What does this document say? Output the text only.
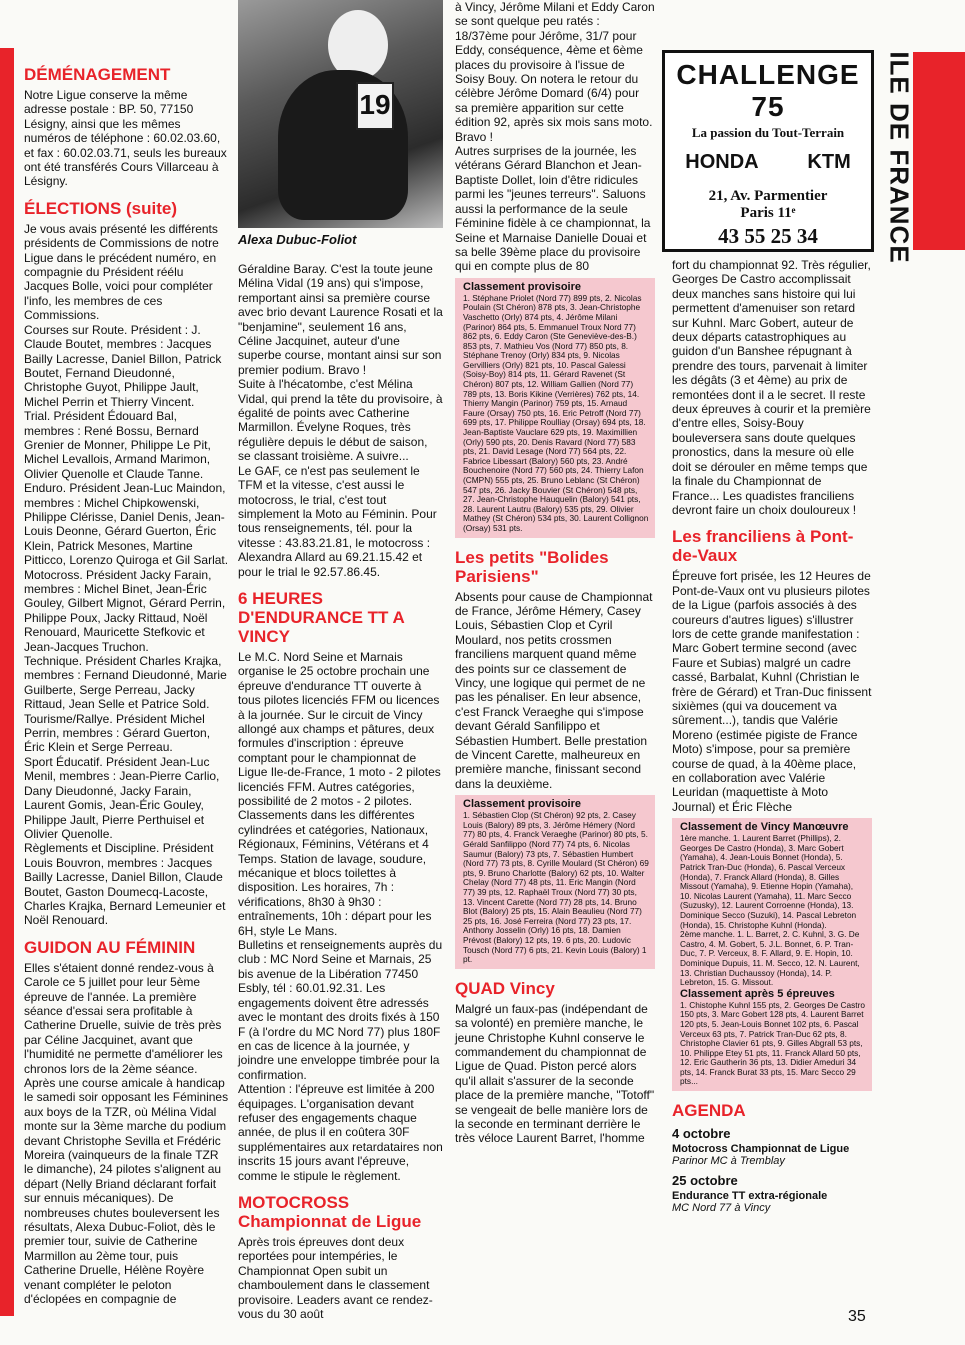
ILE DE FRANCE
19
Alexa Dubuc-Foliot
CHALLENGE 75
La passion du Tout-Terrain
HONDA KTM
21, Av. Parmentier
Paris 11ᵉ
43 55 25 34
DÉMÉNAGEMENT

Notre Ligue conserve la même adresse postale : BP. 50, 77150 Lésigny, ainsi que les mêmes numéros de téléphone : 60.02.03.60, et fax : 60.02.03.71, seuls les bureaux ont été transférés Cours Villarceau à Lésigny.

ÉLECTIONS (suite)

Je vous avais présenté les différents présidents de Commissions de notre Ligue dans le précédent numéro, en compagnie du Président réélu Jacques Bolle, voici pour compléter l'info, les membres de ces Commissions.

Courses sur Route. Président : J. Claude Boutet, membres : Jacques Bailly Lacresse, Daniel Billon, Patrick Boutet, Fernand Dieudonné, Christophe Guyot, Philippe Jault, Michel Perrin et Thierry Vincent.

Trial. Président Édouard Bal, membres : René Bossu, Bernard Grenier de Monner, Philippe Le Pit, Michel Levallois, Armand Marimon, Olivier Quenolle et Claude Tanne.

Enduro. Président Jean-Luc Maindon, membres : Michel Chipkowenski, Philippe Clérisse, Daniel Denis, Jean-Louis Deonne, Gérard Guerton, Éric Klein, Patrick Mesones, Martine Pitticco, Lorenzo Quiroga et Gil Sarlat.

Motocross. Président Jacky Farain, membres : Michel Binet, Jean-Éric Gouley, Gilbert Mignot, Gérard Perrin, Philippe Poux, Jacky Rittaud, Noël Renouard, Mauricette Stefkovic et Jean-Jacques Truchon.

Technique. Président Charles Krajka, membres : Fernand Dieudonné, Marie Guilberte, Serge Perreau, Jacky Rittaud, Jean Selle et Patrice Sold.

Tourisme/Rallye. Président Michel Perrin, membres : Gérard Guerton, Éric Klein et Serge Perreau.

Sport Éducatif. Président Jean-Luc Menil, membres : Jean-Pierre Carlio, Dany Dieudonné, Jacky Farain, Laurent Gomis, Jean-Éric Gouley, Philippe Jault, Pierre Perthuisel et Olivier Quenolle.

Règlements et Discipline. Président Louis Bouvron, membres : Jacques Bailly Lacresse, Daniel Billon, Claude Boutet, Gaston Doumecq-Lacoste, Charles Krajka, Bernard Lemeunier et Noël Renouard.

GUIDON AU FÉMININ

Elles s'étaient donné rendez-vous à Carole ce 5 juillet pour leur 5ème épreuve de l'année. La première séance d'essai sera profitable à Catherine Druelle, suivie de très près par Céline Jacquinet, avant que l'humidité ne permette d'améliorer les chronos lors de la 2ème séance. Après une course amicale à handicap le samedi soir opposant les Féminines aux boys de la TZR, où Mélina Vidal monte sur la 3ème marche du podium devant Christophe Sevilla et Frédéric Moreira (vainqueurs de la finale TZR le dimanche), 24 pilotes s'alignent au départ (Nelly Briand déclarant forfait sur ennuis mécaniques). De nombreuses chutes bouleversent les résultats, Alexa Dubuc-Foliot, dès le premier tour, suivie de Catherine Marmillon au 2ème tour, puis Catherine Druelle, Hélène Royère venant compléter le peloton d'éclopées en compagnie de

Géraldine Baray. C'est la toute jeune Mélina Vidal (19 ans) qui s'impose, remportant ainsi sa première course avec brio devant Laurence Rosati et la "benjamine", seulement 16 ans, Céline Jacquinet, auteur d'une superbe course, montant ainsi sur son premier podium. Bravo !

Suite à l'hécatombe, c'est Mélina Vidal, qui prend la tête du provisoire, à égalité de points avec Catherine Marmillon. Évelyne Roques, très régulière depuis le début de saison, se classant troisième. A suivre...

Le GAF, ce n'est pas seulement le TFM et la vitesse, c'est aussi le motocross, le trial, c'est tout simplement la Moto au Féminin. Pour tous renseignements, tél. pour la vitesse : 43.83.21.81, le motocross : Alexandra Allard au 69.21.15.42 et pour le trial le 92.57.86.45.

6 HEURES D'ENDURANCE TT A VINCY

Le M.C. Nord Seine et Marnais organise le 25 octobre prochain une épreuve d'endurance TT ouverte à tous pilotes licenciés FFM ou licences à la journée. Sur le circuit de Vincy allongé aux champs et pâtures, deux formules d'inscription : épreuve comptant pour le championnat de Ligue Ile-de-France, 1 moto - 2 pilotes licenciés FFM. Autres catégories, possibilité de 2 motos - 2 pilotes. Classements dans les différentes cylindrées et catégories, Nationaux, Régionaux, Féminins, Vétérans et 4 Temps. Station de lavage, soudure, mécanique et blocs toilettes à disposition. Les horaires, 7h : vérifications, 8h30 à 9h30 : entraînements, 10h : départ pour les 6H, style Le Mans.

Bulletins et renseignements auprès du club : MC Nord Seine et Marnais, 25 bis avenue de la Libération 77450 Esbly, tél : 60.01.92.31. Les engagements doivent être adressés avec le montant des droits fixés à 150 F (à l'ordre du MC Nord 77) plus 180F en cas de licence à la journée, y joindre une enveloppe timbrée pour la confirmation.

Attention : l'épreuve est limitée à 200 équipages. L'organisation devant refuser des engagements chaque année, de plus il en coûtera 30F supplémentaires aux retardataires non inscrits 15 jours avant l'épreuve, comme le stipule le règlement.

MOTOCROSS Championnat de Ligue

Après trois épreuves dont deux reportées pour intempéries, le Championnat Open subit un chamboulement dans le classement provisoire. Leaders avant ce rendez-vous du 30 août

à Vincy, Jérôme Milani et Eddy Caron se sont quelque peu ratés : 18/37ème pour Jérôme, 31/7 pour Eddy, conséquence, 4ème et 6ème places du provisoire à l'issue de Soisy Bouy. On notera le retour du célèbre Jérôme Domard (6/4) pour sa première apparition sur cette édition 92, après six mois sans moto. Bravo !

Autres surprises de la journée, les vétérans Gérard Blanchon et Jean-Baptiste Dollet, loin d'être ridicules parmi les "jeunes terreurs". Saluons aussi la performance de la seule Féminine fidèle à ce championnat, la Seine et Marnaise Danielle Douai et sa belle 39ème place du provisoire qui en compte plus de 80

Classement provisoire

1. Stéphane Priolet (Nord 77) 899 pts, 2. Nicolas Poulain (St Chéron) 878 pts, 3. Jean-Christophe Vaschetto (Orly) 874 pts, 4. Jérôme Milani (Parinor) 864 pts, 5. Emmanuel Troux Nord 77) 862 pts, 6. Eddy Caron (Ste Geneviève-des-B.) 853 pts, 7. Mathieu Vos (Nord 77) 850 pts, 8. Stéphane Trenoy (Orly) 834 pts, 9. Nicolas Gervilliers (Orly) 821 pts, 10. Pascal Galessi (Soisy-Boy) 814 pts, 11. Gérard Ravenet (St Chéron) 807 pts, 12. William Gallien (Nord 77) 789 pts, 13. Boris Kikine (Verrières) 762 pts, 14. Thierry Mangin (Parinor) 759 pts, 15. Arnaud Faure (Orsay) 750 pts, 16. Eric Petroff (Nord 77) 699 pts, 17. Philippe Roulliay (Orsay) 694 pts, 18. Jean-Baptiste Vauclare 629 pts, 19. Maximillien (Orly) 590 pts, 20. Denis Ravard (Nord 77) 583 pts, 21. David Lesage (Nord 77) 564 pts, 22. Fabrice Libessart (Balory) 560 pts, 23. André Bouchenoire (Nord 77) 560 pts, 24. Thierry Lafon (CMPN) 555 pts, 25. Bruno Leblanc (St Chéron) 547 pts, 26. Jacky Bouvier (St Chéron) 548 pts, 27. Jean-Christophe Hauquelin (Balory) 541 pts, 28. Laurent Lautru (Balory) 535 pts, 29. Olivier Mathey (St Chéron) 534 pts, 30. Laurent Collignon (Orsay) 531 pts.

Les petits "Bolides Parisiens"

Absents pour cause de Championnat de France, Jérôme Hémery, Casey Louis, Sébastien Clop et Cyril Moulard, nos petits crossmen franciliens marquent quand même des points sur ce classement de Vincy, une logique qui permet de ne pas les pénaliser. En leur absence, c'est Franck Veraeghe qui s'impose devant Gérald Sanfilippo et Sébastien Humbert. Belle prestation de Vincent Carette, malheureux en première manche, finissant second dans la deuxième.

Classement provisoire

1. Sébastien Clop (St Chéron) 92 pts, 2. Casey Louis (Balory) 89 pts, 3. Jérôme Hémery (Nord 77) 80 pts, 4. Franck Veraeghe (Parinor) 80 pts, 5. Gérald Sanfilippo (Nord 77) 74 pts, 6. Nicolas Saumur (Balory) 73 pts, 7. Sébastien Humbert (Nord 77) 73 pts, 8. Cyrille Moulard (St Chéron) 69 pts, 9. Bruno Charlotte (Balory) 62 pts, 10. Walter Chelay (Nord 77) 48 pts, 11. Eric Mangin (Nord 77) 39 pts, 12. Raphaël Troux (Nord 77) 30 pts, 13. Vincent Carette (Nord 77) 28 pts, 14. Bruno Blot (Balory) 25 pts, 15. Alain Beaulieu (Nord 77) 25 pts, 16. José Ferreira (Nord 77) 23 pts, 17. Anthony Josselin (Orly) 16 pts, 18. Damien Prévost (Balory) 12 pts, 19. 6 pts, 20. Ludovic Tousch (Nord 77) 6 pts, 21. Kevin Louis (Balory) 1 pt.

QUAD Vincy

Malgré un faux-pas (indépendant de sa volonté) en première manche, le jeune Christophe Kuhnl conserve le commandement du championnat de Ligue de Quad. Piston percé alors qu'il allait s'assurer de la seconde place de la première manche, "Totoff" se vengeait de belle manière lors de la seconde en terminant derrière le très véloce Laurent Barret, l'homme

fort du championnat 92. Très régulier, Georges De Castro accomplissait deux manches sans histoire qui lui permettent d'amenuiser son retard sur Kuhnl. Marc Gobert, auteur de deux départs catastrophiques au guidon d'un Banshee répugnant à prendre des tours, parvenait à limiter les dégâts (3 et 4ème) au prix de remontées dont il a le secret. Il reste deux épreuves à courir et la première d'entre elles, Soisy-Bouy bouleversera sans doute quelques pronostics, dans la mesure où elle doit se dérouler en même temps que la finale du Championnat de France... Les quadistes franciliens devront faire un choix douloureux !

Les franciliens à Pont-de-Vaux

Épreuve fort prisée, les 12 Heures de Pont-de-Vaux ont vu plusieurs pilotes de la Ligue (parfois associés à des coureurs d'autres ligues) s'illustrer lors de cette grande manifestation : Marc Gobert termine second (avec Faure et Subias) malgré un cadre cassé, Barbalat, Kuhnl (Christian le frère de Gérard) et Tran-Duc finissent sixièmes (qui va doucement va sûrement...), tandis que Valérie Moreno (estimée pigiste de France Moto) s'impose, pour sa première course de quad, à la 40ème place, en collaboration avec Valérie Leuridan (maquettiste à Moto Journal) et Éric Flèche

Classement de Vincy Manœuvre

1ère manche. 1. Laurent Barret (Phillips), 2. Georges De Castro (Honda), 3. Marc Gobert (Yamaha), 4. Jean-Louis Bonnet (Honda), 5. Patrick Tran-Duc (Honda), 6. Pascal Verceux (Honda), 7. Franck Allard (Honda), 8. Gilles Missout (Yamaha), 9. Etienne Hopin (Yamaha), 10. Nicolas Laurent (Yamaha), 11. Marc Secco (Suzusky), 12. Laurent Corroenne (Honda), 13. Dominique Secco (Suzuki), 14. Pascal Lebreton (Honda), 15. Christophe Kuhnl (Honda).

2ème manche. 1. L. Barret, 2. C. Kuhnl, 3. G. De Castro, 4. M. Gobert, 5. J.L. Bonnet, 6. P. Tran-Duc, 7. P. Verceux, 8. F. Allard, 9. E. Hopin, 10. Dominique Dupuis, 11. M. Secco, 12. N. Laurent, 13. Christian Duchaussoy (Honda), 14. P. Lebreton, 15. G. Missout.

Classement après 5 épreuves

1. Chistophe Kuhnl 155 pts, 2. Georges De Castro 150 pts, 3. Marc Gobert 128 pts, 4. Laurent Barret 120 pts, 5. Jean-Louis Bonnet 102 pts, 6. Pascal Verceux 63 pts, 7. Patrick Tran-Duc 62 pts, 8. Christophe Clavier 61 pts, 9. Gilles Abgrall 53 pts, 10. Philippe Etey 51 pts, 11. Franck Allard 50 pts, 12. Eric Gautherin 36 pts, 13. Didier Ameduri 34 pts, 14. Franck Burat 33 pts, 15. Marc Secco 29 pts...

AGENDA

4 octobre

Motocross Championnat de Ligue

Parinor MC à Tremblay

25 octobre

Endurance TT extra-régionale

MC Nord 77 à Vincy

35
